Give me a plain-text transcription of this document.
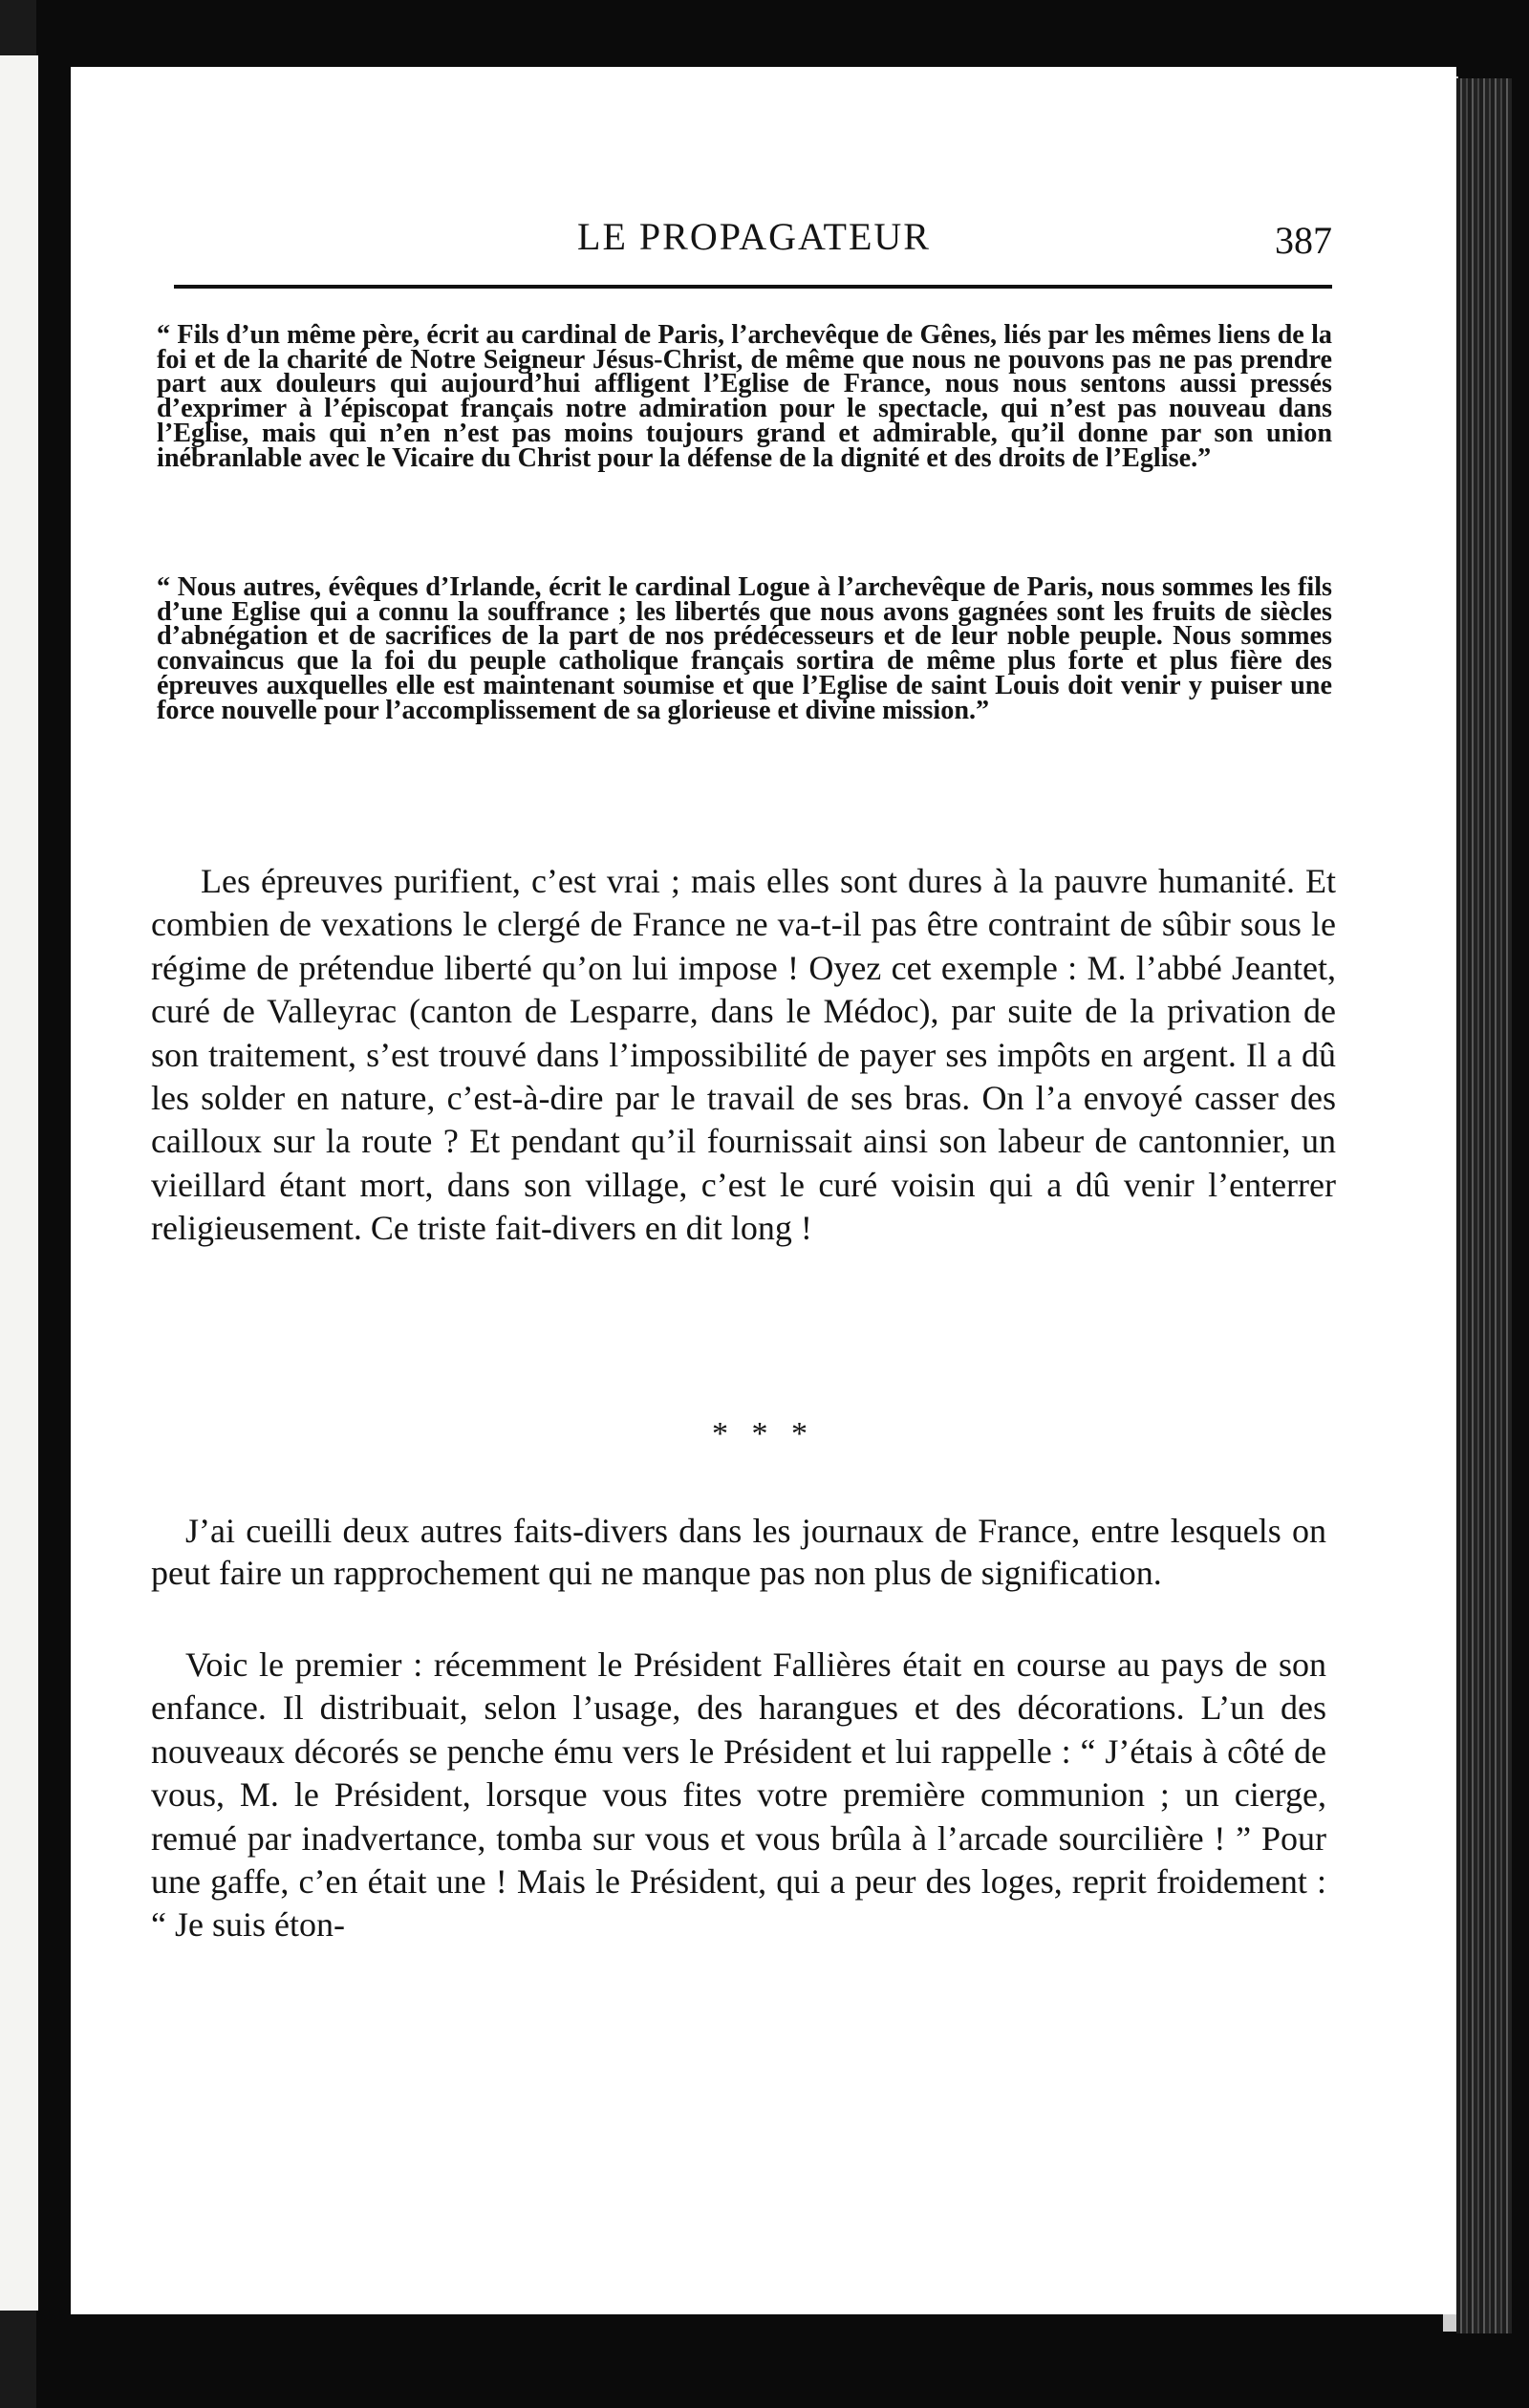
LE PROPAGATEUR	387

“ Fils d’un même père, écrit au cardinal de Paris, l’archevêque de Gênes, liés par les mêmes liens de la foi et de la charité de Notre Seigneur Jésus-Christ, de même que nous ne pouvons pas ne pas prendre part aux douleurs qui aujourd’hui affligent l’Eglise de France, nous nous sentons aussi pressés d’exprimer à l’épiscopat français notre admiration pour le spectacle, qui n’est pas nouveau dans l’Eglise, mais qui n’en n’est pas moins toujours grand et admirable, qu’il donne par son union inébranlable avec le Vicaire du Christ pour la défense de la dignité et des droits de l’Eglise.”

“ Nous autres, évêques d’Irlande, écrit le cardinal Logue à l’archevêque de Paris, nous sommes les fils d’une Eglise qui a connu la souffrance ; les libertés que nous avons gagnées sont les fruits de siècles d’abnégation et de sacrifices de la part de nos prédécesseurs et de leur noble peuple. Nous sommes convaincus que la foi du peuple catholique français sortira de même plus forte et plus fière des épreuves auxquelles elle est maintenant soumise et que l’Eglise de saint Louis doit venir y puiser une force nouvelle pour l’accomplissement de sa glorieuse et divine mission.”

Les épreuves purifient, c’est vrai ; mais elles sont dures à la pauvre humanité. Et combien de vexations le clergé de France ne va-t-il pas être contraint de sûbir sous le régime de prétendue liberté qu’on lui impose ! Oyez cet exemple : M. l’abbé Jeantet, curé de Valleyrac (canton de Lesparre, dans le Médoc), par suite de la privation de son traitement, s’est trouvé dans l’impossibilité de payer ses impôts en argent. Il a dû les solder en nature, c’est-à-dire par le travail de ses bras. On l’a envoyé casser des cailloux sur la route ? Et pendant qu’il fournissait ainsi son labeur de cantonnier, un vieillard étant mort, dans son village, c’est le curé voisin qui a dû venir l’enterrer religieusement. Ce triste fait-divers en dit long !

* * *

J’ai cueilli deux autres faits-divers dans les journaux de France, entre lesquels on peut faire un rapprochement qui ne manque pas non plus de signification.

Voic le premier : récemment le Président Fallières était en course au pays de son enfance. Il distribuait, selon l’usage, des harangues et des décorations. L’un des nouveaux décorés se penche ému vers le Président et lui rappelle : “ J’étais à côté de vous, M. le Président, lorsque vous fites votre première communion ; un cierge, remué par inadvertance, tomba sur vous et vous brûla à l’arcade sourcilière ! ” Pour une gaffe, c’en était une ! Mais le Président, qui a peur des loges, reprit froidement : “ Je suis éton-
